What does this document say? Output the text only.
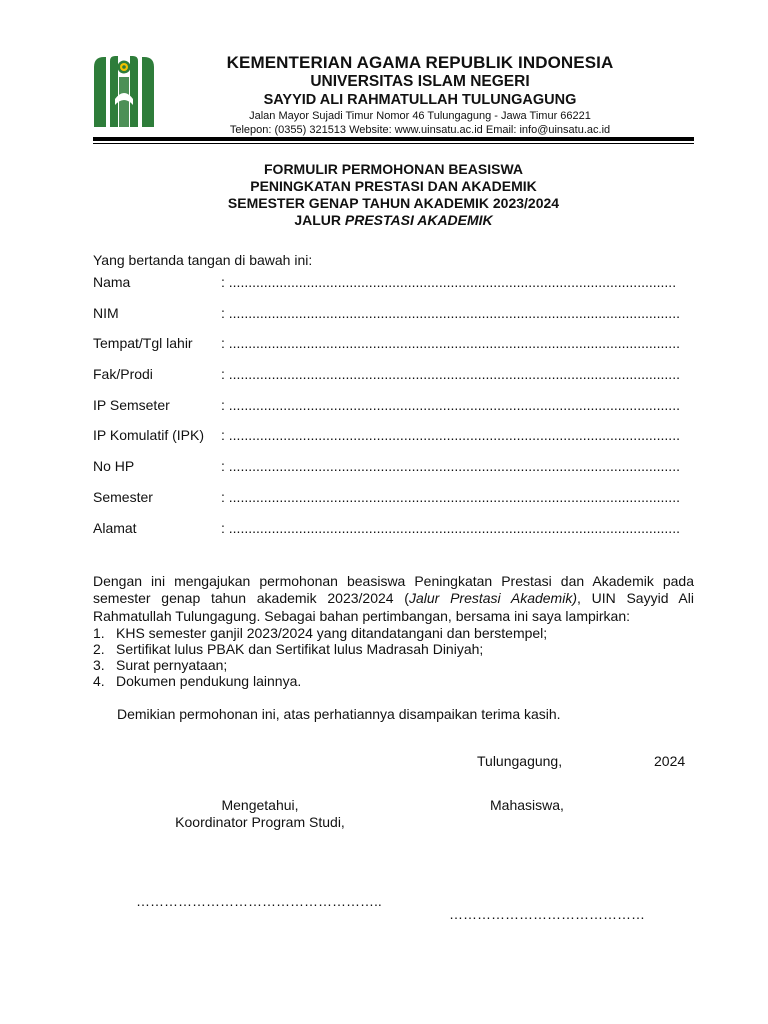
KEMENTERIAN AGAMA REPUBLIK INDONESIA
UNIVERSITAS ISLAM NEGERI
SAYYID ALI RAHMATULLAH TULUNGAGUNG
Jalan Mayor Sujadi Timur Nomor 46 Tulungagung - Jawa Timur 66221
Telepon: (0355) 321513 Website: www.uinsatu.ac.id Email: info@uinsatu.ac.id
FORMULIR PERMOHONAN BEASISWA
PENINGKATAN PRESTASI DAN AKADEMIK
SEMESTER GENAP TAHUN AKADEMIK 2023/2024
JALUR PRESTASI AKADEMIK
Yang bertanda tangan di bawah ini:
Nama	: ...................................................................................................................
NIM	: ....................................................................................................................
Tempat/Tgl lahir : ....................................................................................................................
Fak/Prodi	: ....................................................................................................................
IP Semseter	: ....................................................................................................................
IP Komulatif (IPK) : ....................................................................................................................
No HP	: ....................................................................................................................
Semester	: ....................................................................................................................
Alamat	: ....................................................................................................................
Dengan ini mengajukan permohonan beasiswa Peningkatan Prestasi dan Akademik pada semester genap tahun akademik 2023/2024 (Jalur Prestasi Akademik), UIN Sayyid Ali Rahmatullah Tulungagung. Sebagai bahan pertimbangan, bersama ini saya lampirkan:
1. KHS semester ganjil 2023/2024 yang ditandatangani dan berstempel;
2. Sertifikat lulus PBAK dan Sertifikat lulus Madrasah Diniyah;
3. Surat pernyataan;
4. Dokumen pendukung lainnya.
Demikian permohonan ini, atas perhatiannya disampaikan terima kasih.
Tulungagung,	2024
Mengetahui,
Koordinator Program Studi,
Mahasiswa,
……………………………………………..
……………………………………
